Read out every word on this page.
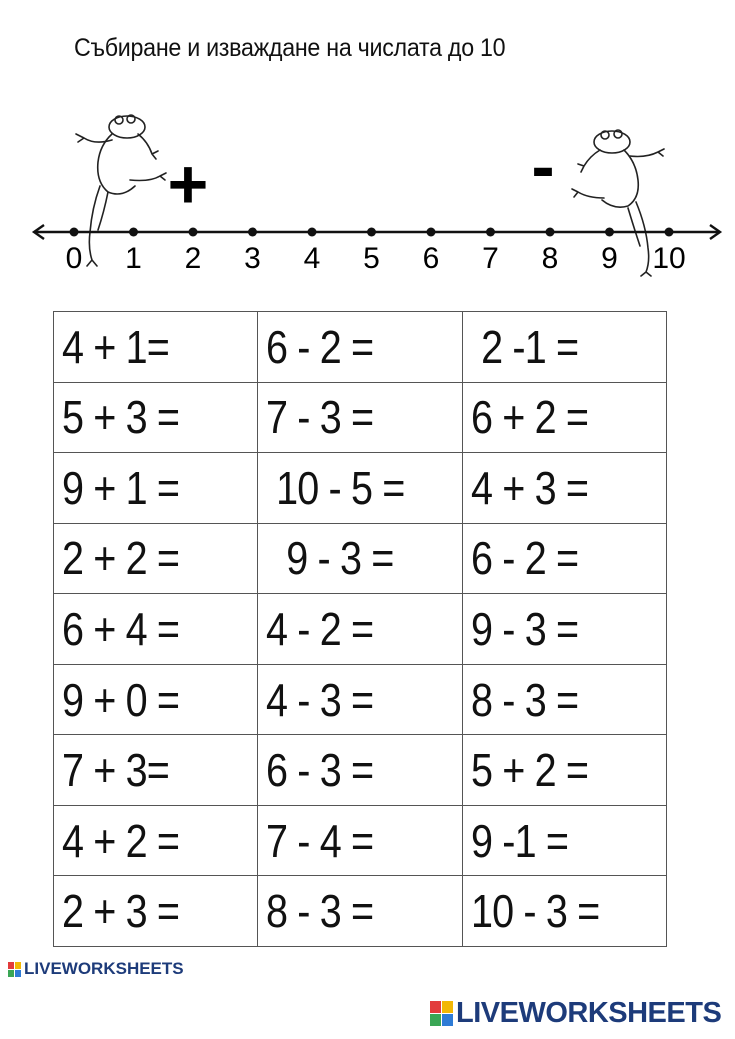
Събиране и изваждане на числата до 10
+	-
0 1 2 3 4 5 6 7 8 9 10
4 + 1=	6 - 2 =	2 -1 =
5 + 3 =	7 - 3 =	6 + 2 =
9 + 1 =	10 - 5 =	4 + 3 =
2 + 2 =	9 - 3 =	6 - 2 =
6 + 4 =	4 - 2 =	9 - 3 =
9 + 0 =	4 - 3 =	8 - 3 =
7 + 3=	6 - 3 =	5 + 2 =
4 + 2 =	7 - 4 =	9 -1 =
2 + 3 =	8 - 3 =	10 - 3 =
LIVEWORKSHEETS
LIVEWORKSHEETS
